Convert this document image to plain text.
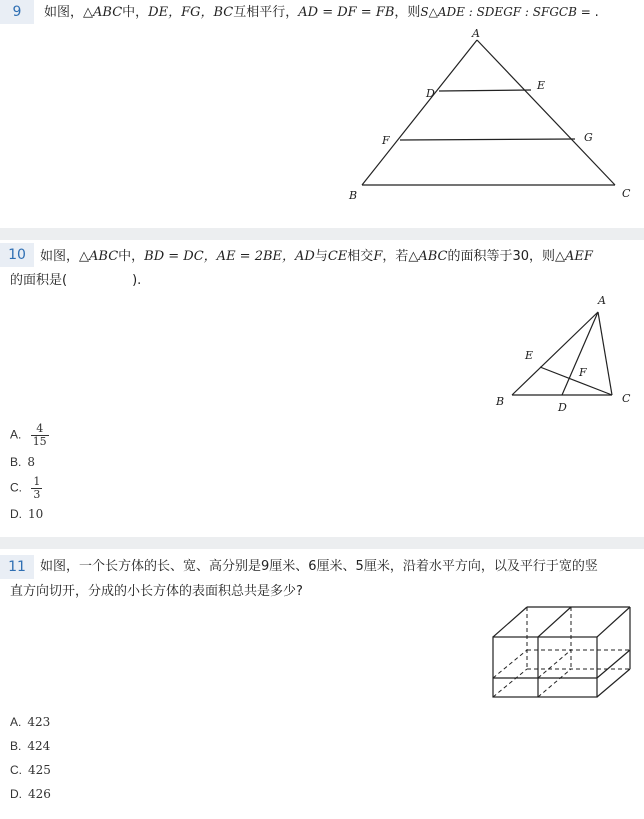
9	如图，△ABC中，DE，FG，BC互相平行，AD = DF = FB，则S△ADE : SDEGF : SFGCB = .
A
D
E
F	G
B	C
10	如图，△ABC中，BD = DC，AE = 2BE，AD与CE相交F，若△ABC的面积等于30，则△AEF
的面积是(　　　　　).
A
E
F
B	D
C
A. $\frac{4}{15}$
B. 8
C. $\frac{1}{3}$
D. 10
11	如图，一个长方体的长、宽、高分别是9厘米、6厘米、5厘米，沿着水平方向，以及平行于宽的竖
直方向切开，分成的小长方体的表面积总共是多少?
A. 423
B. 424
C. 425
D. 426
